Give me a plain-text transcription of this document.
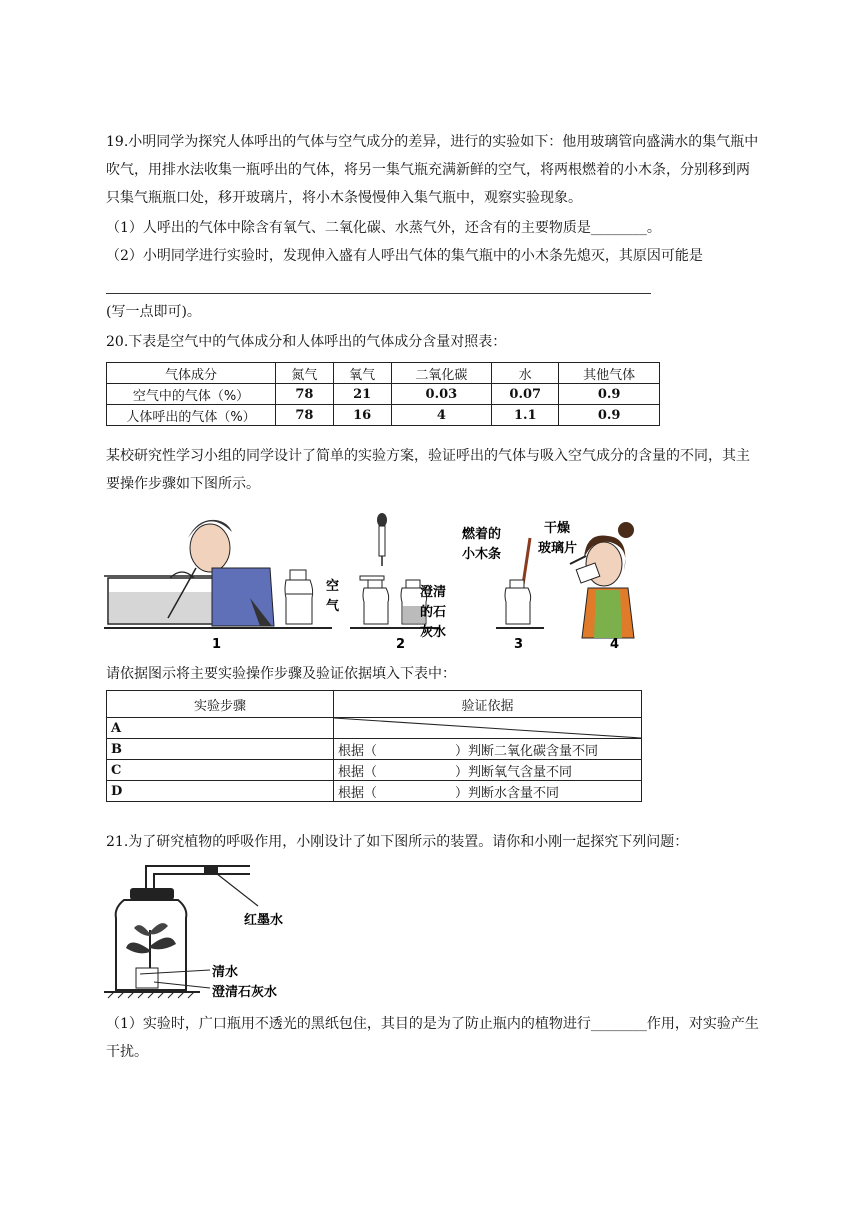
19.小明同学为探究人体呼出的气体与空气成分的差异，进行的实验如下：他用玻璃管向盛满水的集气瓶中吹气，用排水法收集一瓶呼出的气体，将另一集气瓶充满新鲜的空气，将两根燃着的小木条，分别移到两只集气瓶瓶口处，移开玻璃片，将小木条慢慢伸入集气瓶中，观察实验现象。

（1）人呼出的气体中除含有氧气、二氧化碳、水蒸气外，还含有的主要物质是________。
（2）小明同学进行实验时，发现伸入盛有人呼出气体的集气瓶中的小木条先熄灭，其原因可能是
(写一点即可)。
20.下表是空气中的气体成分和人体呼出的气体成分含量对照表：
气体成分	氮气	氧气	二氧化碳	水	其他气体
空气中的气体（%）	78	21	0.03	0.07	0.9
人体呼出的气体（%）	78	16	4	1.1	0.9

某校研究性学习小组的同学设计了简单的实验方案，验证呼出的气体与吸入空气成分的含量的不同，其主要操作步骤如下图所示。

空
气
澄清
的石
灰水
燃着的
小木条
干燥
玻璃片
1	2	3	4
请依据图示将主要实验操作步骤及验证依据填入下表中：
实验步骤	验证依据
A	

B	根据（　　　　　　）判断二氧化碳含量不同
C	根据（　　　　　　）判断氧气含量不同
D	根据（　　　　　　）判断水含量不同
21.为了研究植物的呼吸作用，小刚设计了如下图所示的装置。请你和小刚一起探究下列问题：
红墨水
清水
澄清石灰水

（1）实验时，广口瓶用不透光的黑纸包住，其目的是为了防止瓶内的植物进行________作用，对实验产生干扰。
